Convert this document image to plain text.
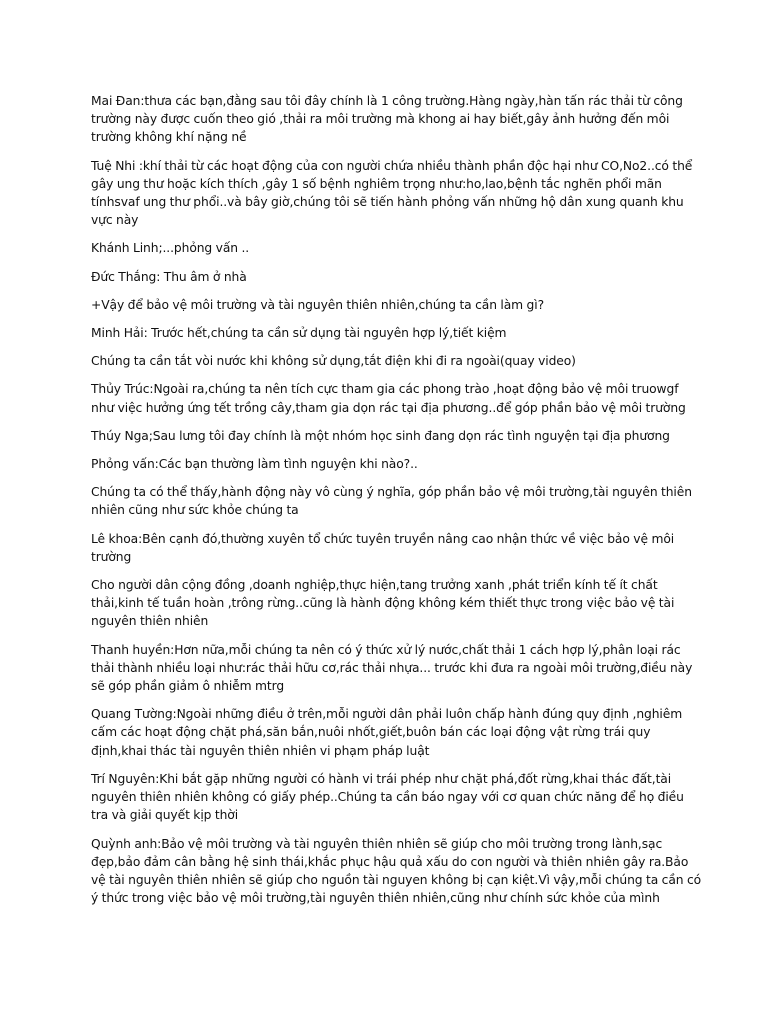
Mai Đan:thưa các bạn,đằng sau tôi đây chính là 1 công trường.Hàng ngày,hàn tấn rác thải từ công trường này được cuốn theo gió ,thải ra môi trường mà khong ai hay biết,gây ảnh hưởng đến môi trường không khí nặng nề

Tuệ Nhi :khí thải từ các hoạt động của con người chứa nhiều thành phần độc hại như CO,No2..có thể gây ung thư hoặc kích thích ,gây 1 số bệnh nghiêm trọng như:ho,lao,bệnh tắc nghẽn phổi mãn tínhsvaf ung thư phổi..và bây giờ,chúng tôi sẽ tiến hành phỏng vấn những hộ dân xung quanh khu vực này

Khánh Linh;...phỏng vấn ..

Đức Thắng: Thu âm ở nhà

+Vậy để bảo vệ môi trường và tài nguyên thiên nhiên,chúng ta cần làm gì?

Minh Hải: Trước hết,chúng ta cần sử dụng tài nguyên hợp lý,tiết kiệm

Chúng ta cần tắt vòi nước khi không sử dụng,tắt điện khi đi ra ngoài(quay video)

Thủy Trúc:Ngoài ra,chúng ta nên tích cực tham gia các phong trào ,hoạt động bảo vệ môi truowgf như việc hưởng ứng tết trồng cây,tham gia dọn rác tại địa phương..để góp phần bảo vệ môi trường

Thúy Nga;Sau lưng tôi đay chính là một nhóm học sinh đang dọn rác tình nguyện tại địa phương

Phỏng vấn:Các bạn thường làm tình nguyện khi nào?..

Chúng ta có thể thấy,hành động này vô cùng ý nghĩa, góp phần bảo vệ môi trường,tài nguyên thiên nhiên cũng như sức khỏe chúng ta

Lê khoa:Bên cạnh đó,thường xuyên tổ chức tuyên truyền nâng cao nhận thức về việc bảo vệ môi trường

Cho người dân cộng đồng ,doanh nghiệp,thực hiện,tang trưởng xanh ,phát triển kính tế ít chất thải,kinh tế tuần hoàn ,trông rừng..cũng là hành động không kém thiết thực trong việc bảo vệ tài nguyên thiên nhiên

Thanh huyền:Hơn nữa,mỗi chúng ta nên có ý thức xử lý nước,chất thải 1 cách hợp lý,phân loại rác thải thành nhiều loại như:rác thải hữu cơ,rác thải nhựa... trước khi đưa ra ngoài môi trường,điều này sẽ góp phần giảm ô nhiễm mtrg

Quang Tường:Ngoài những điều ở trên,mỗi người dân phải luôn chấp hành đúng quy định ,nghiêm cấm các hoạt động chặt phá,săn bắn,nuôi nhốt,giết,buôn bán các loại động vật rừng trái quy định,khai thác tài nguyên thiên nhiên vi phạm pháp luật

Trí Nguyên:Khi bắt gặp những người có hành vi trái phép như chặt phá,đốt rừng,khai thác đất,tài nguyên thiên nhiên không có giấy phép..Chúng ta cần báo ngay với cơ quan chức năng để họ điều tra và giải quyết kịp thời

Quỳnh anh:Bảo vệ môi trường và tài nguyên thiên nhiên sẽ giúp cho môi trường trong lành,sạc đẹp,bảo đảm cân bằng hệ sinh thái,khắc phục hậu quả xấu do con người và thiên nhiên gây ra.Bảo vệ tài nguyên thiên nhiên sẽ giúp cho nguồn tài nguyen không bị cạn kiệt.Vì vậy,mỗi chúng ta cần có ý thức trong việc bảo vệ môi trường,tài nguyên thiên nhiên,cũng như chính sức khỏe của mình
